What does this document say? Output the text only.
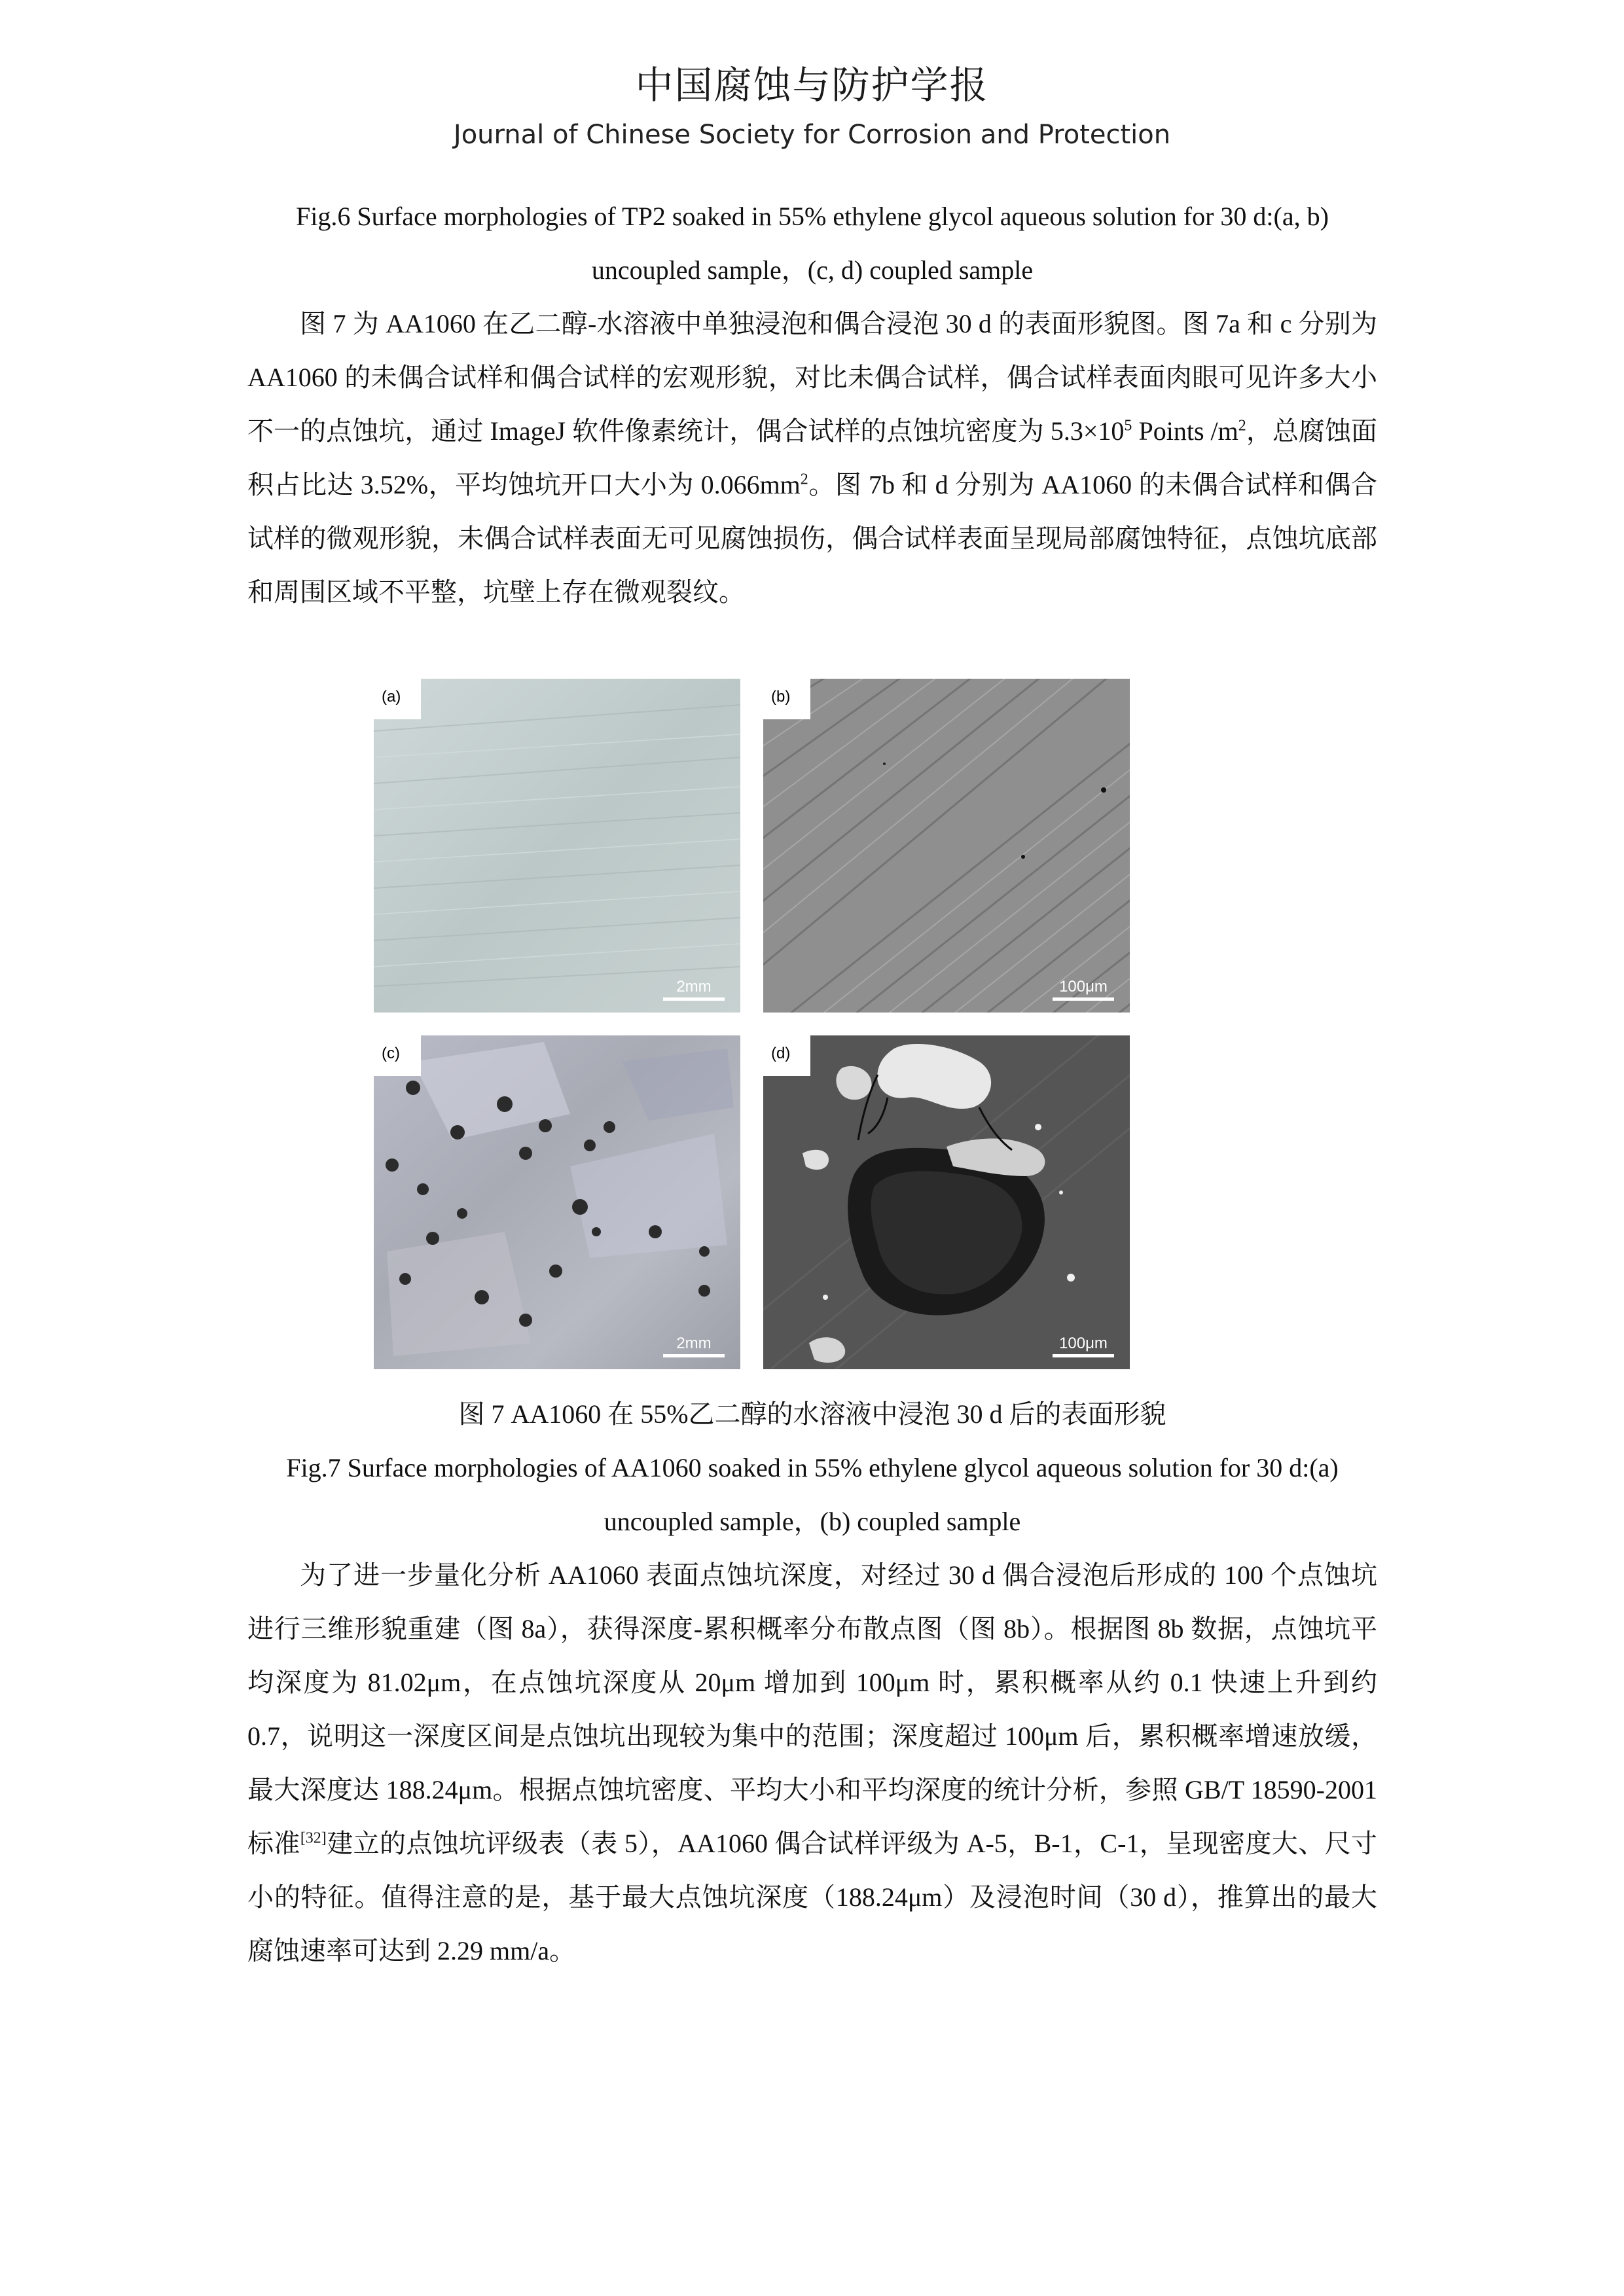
中国腐蚀与防护学报
Journal of Chinese Society for Corrosion and Protection

Fig.6 Surface morphologies of TP2 soaked in 55% ethylene glycol aqueous solution for 30 d:(a, b) uncoupled sample，(c, d) coupled sample

图 7 为 AA1060 在乙二醇-水溶液中单独浸泡和偶合浸泡 30 d 的表面形貌图。图 7a 和 c 分别为 AA1060 的未偶合试样和偶合试样的宏观形貌，对比未偶合试样，偶合试样表面肉眼可见许多大小不一的点蚀坑，通过 ImageJ 软件像素统计，偶合试样的点蚀坑密度为 $5.3\times 10^5$ Points $/m^2$，总腐蚀面积占比达 3.52%，平均蚀坑开口大小为 $0.066mm^2$。图 7b 和 d 分别为 AA1060 的未偶合试样和偶合试样的微观形貌，未偶合试样表面无可见腐蚀损伤，偶合试样表面呈现局部腐蚀特征，点蚀坑底部和周围区域不平整，坑壁上存在微观裂纹。

(a)
2mm
(b)
100μm
(c)
2mm
(d)
100μm

图 7 AA1060 在 55%乙二醇的水溶液中浸泡 30 d 后的表面形貌

Fig.7 Surface morphologies of AA1060 soaked in 55% ethylene glycol aqueous solution for 30 d:(a) uncoupled sample，(b) coupled sample

为了进一步量化分析 AA1060 表面点蚀坑深度，对经过 30 d 偶合浸泡后形成的 100 个点蚀坑进行三维形貌重建（图 8a），获得深度-累积概率分布散点图（图 8b）。根据图 8b 数据，点蚀坑平均深度为 81.02μm，在点蚀坑深度从 20μm 增加到 100μm 时，累积概率从约 0.1 快速上升到约 0.7，说明这一深度区间是点蚀坑出现较为集中的范围；深度超过 100μm 后，累积概率增速放缓，最大深度达 188.24μm。根据点蚀坑密度、平均大小和平均深度的统计分析，参照 GB/T 18590-2001 标准[32]建立的点蚀坑评级表（表 5），AA1060 偶合试样评级为 A-5，B-1，C-1，呈现密度大、尺寸小的特征。值得注意的是，基于最大点蚀坑深度（188.24μm）及浸泡时间（30 d），推算出的最大腐蚀速率可达到 2.29 mm/a。
